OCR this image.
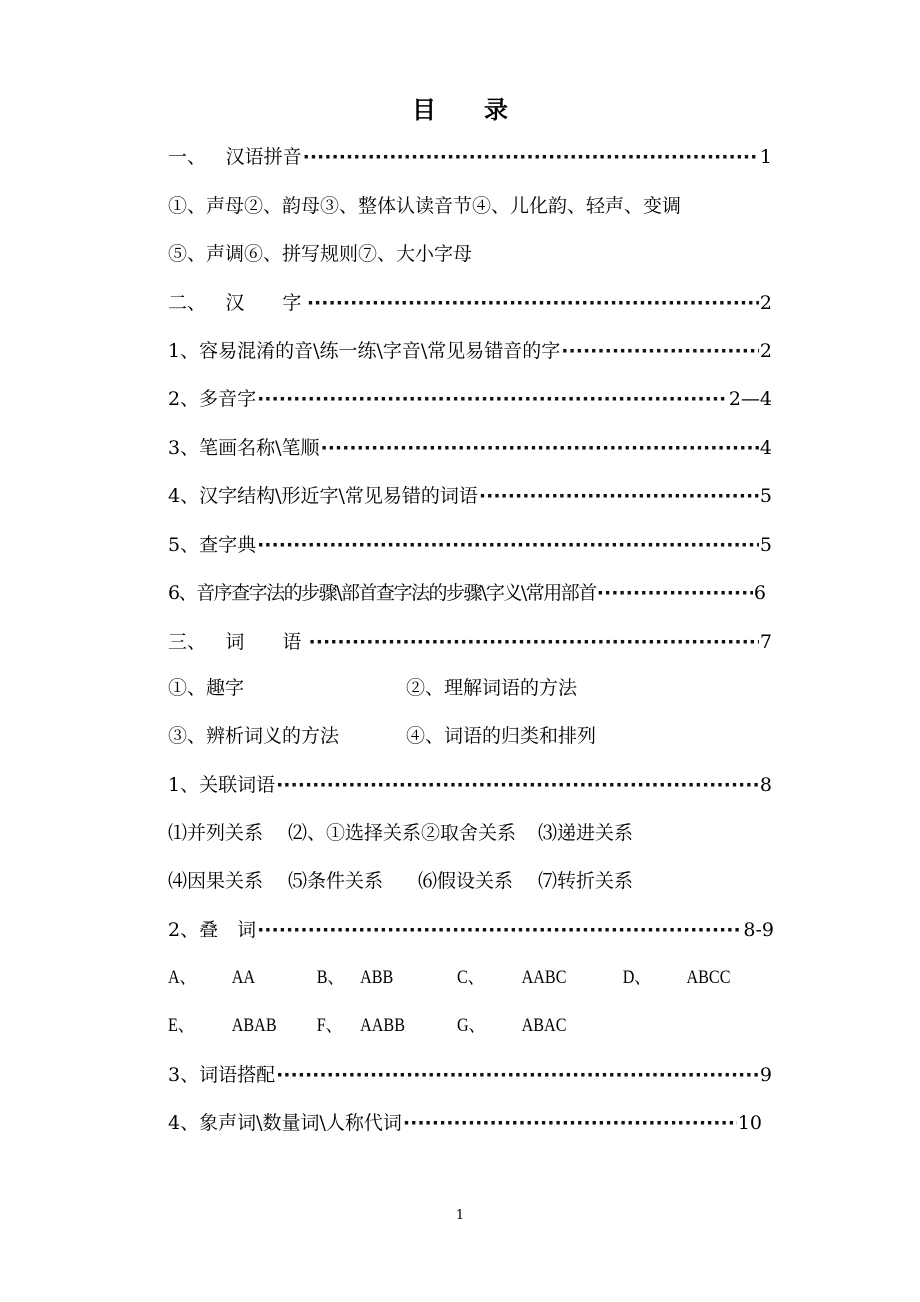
目 录
一、 汉语拼音 ·····	1
①、声母②、韵母③、整体认读音节④、儿化韵、轻声、变调
⑤、声调⑥、拼写规则⑦、大小字母
二、 汉　　字 ·····	2
1、容易混淆的音\练一练\字音\常见易错音的字 ·····	2
2、多音字 ·····	2—4
3、笔画名称\笔顺 ·····	4
4、汉字结构\形近字\常见易错的词语 ·····	5
5、查字典 ·····	5
6、音序查字法的步骤\部首查字法的步骤\字义\常用部首 ·····	6
三、 词　　语 ·····	7
①、趣字	②、理解词语的方法
③、辨析词义的方法	④、词语的归类和排列
1、关联词语 ·····	8
⑴并列关系 ⑵、①选择关系②取舍关系 ⑶递进关系
⑷因果关系 ⑸条件关系 ⑹假设关系 ⑺转折关系
2、叠　词 ·····	8-9
A、 AA	B、 ABB	C、 AABC	D、 ABCC
E、 ABAB F、 AABB	G、 ABAC
3、词语搭配 ·····	9
4、象声词\数量词\人称代词 ·····	10
1
